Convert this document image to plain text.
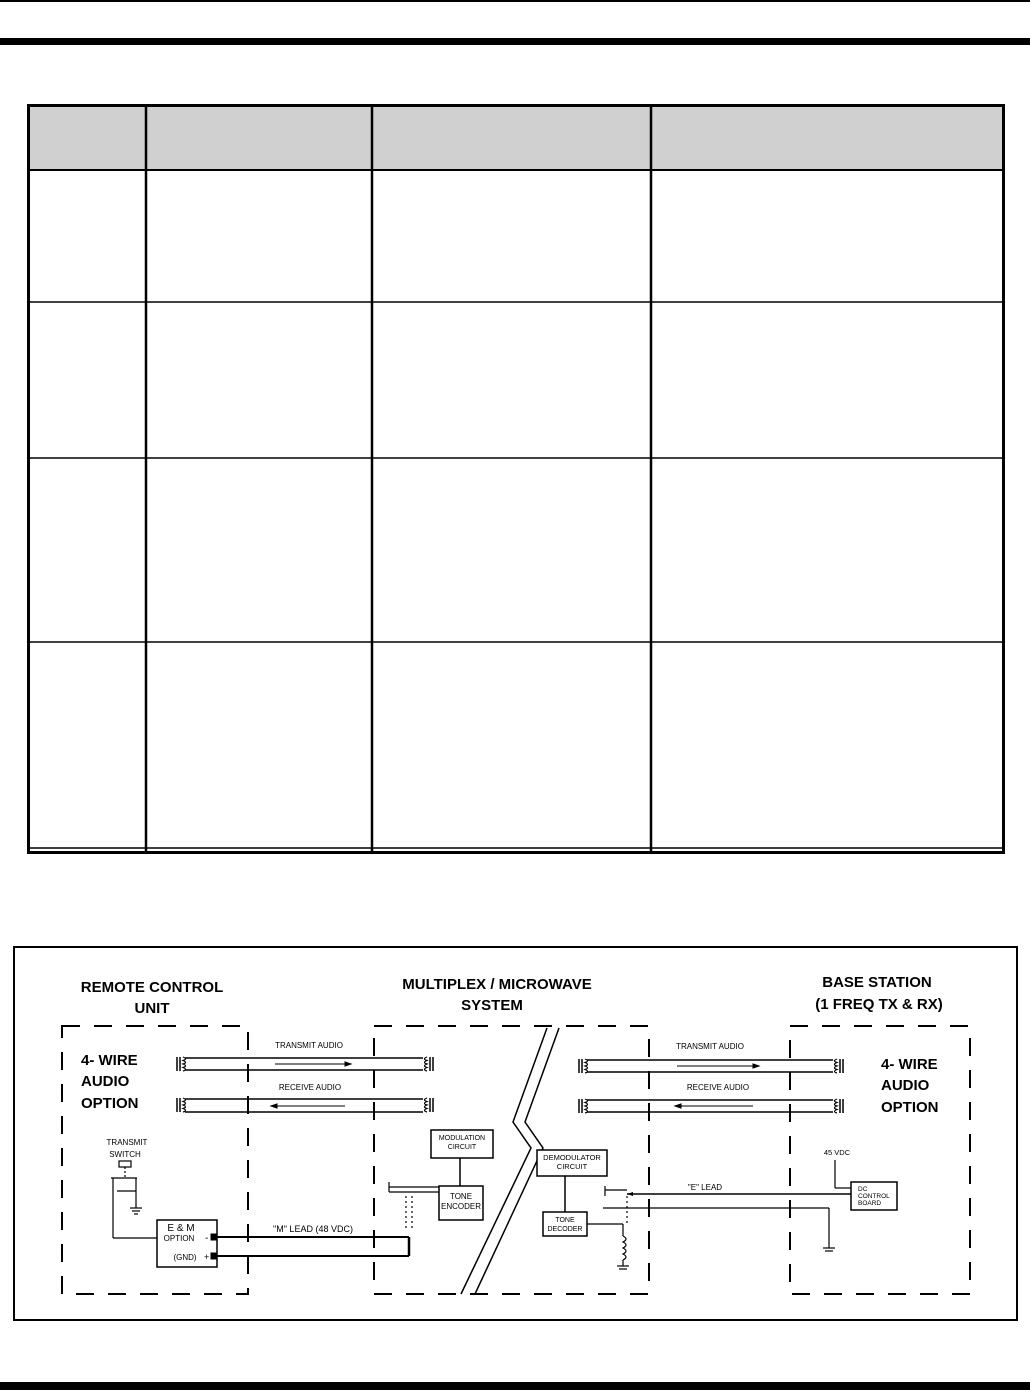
REMOTE CONTROL
UNIT
MULTIPLEX / MICROWAVE
SYSTEM
BASE STATION
(1 FREQ TX & RX)
4- WIRE
AUDIO
OPTION
4- WIRE
AUDIO
OPTION
TRANSMIT AUDIO
RECEIVE AUDIO
TRANSMIT AUDIO
RECEIVE AUDIO
TRANSMIT
SWITCH
E & M
OPTION
(GND)
-
+
"M" LEAD (48 VDC)
MODULATION
CIRCUIT
TONE
ENCODER
DEMODULATOR
CIRCUIT
TONE
DECODER
"E" LEAD
45 VDC
DC
CONTROL
BOARD
